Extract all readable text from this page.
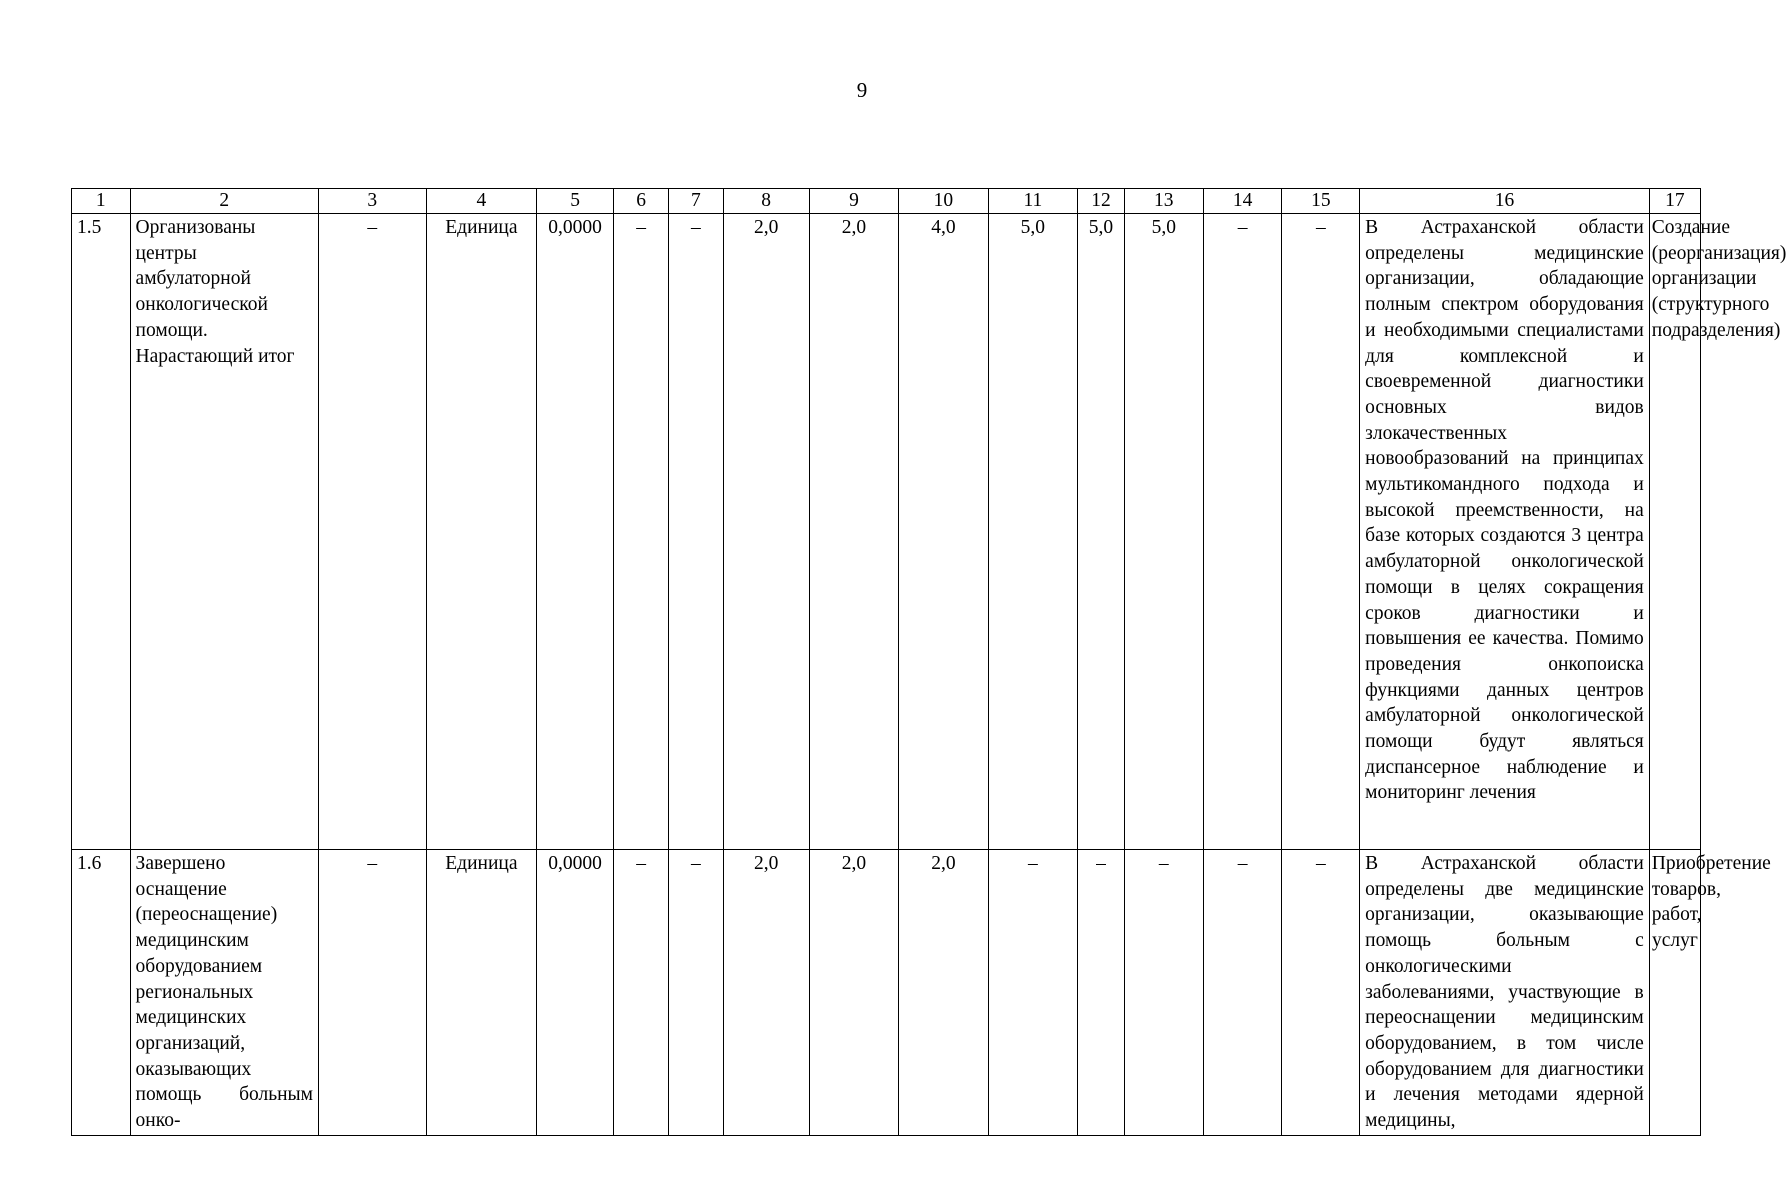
9
1	2	3	4	5	6	7	8	9	10	11	12	13	14	15	16	17
1.5	Организованы центры амбулаторной онкологической помощи. Нарастающий итог	–	Единица	0,0000	–	–	2,0	2,0	4,0	5,0	5,0	5,0	–	–	В Астраханской области определены медицинские организации, обладающие полным спектром оборудования и необходимыми специалистами для комплексной и своевременной диагностики основных видов злокачественных новообразований на принципах мультикомандного подхода и высокой преемственности, на базе которых создаются 3 центра амбулаторной онкологической помощи в целях сокращения сроков диагностики и повышения ее качества. Помимо проведения онкопоиска функциями данных центров амбулаторной онкологической помощи будут являться диспансерное наблюдение и мониторинг лечения	Создание (реорганизация) организации (структурного подразделения)
1.6	Завершено оснащение (переоснащение) медицинским оборудованием региональных медицинских организаций, оказывающих помощь больным онко-	–	Единица	0,0000	–	–	2,0	2,0	2,0	–	–	–	–	–	В Астраханской области определены две медицинские организации, оказывающие помощь больным с онкологическими заболеваниями, участвующие в переоснащении медицинским оборудованием, в том числе оборудованием для диагностики и лечения методами ядерной медицины,	Приобретение товаров, работ, услуг
